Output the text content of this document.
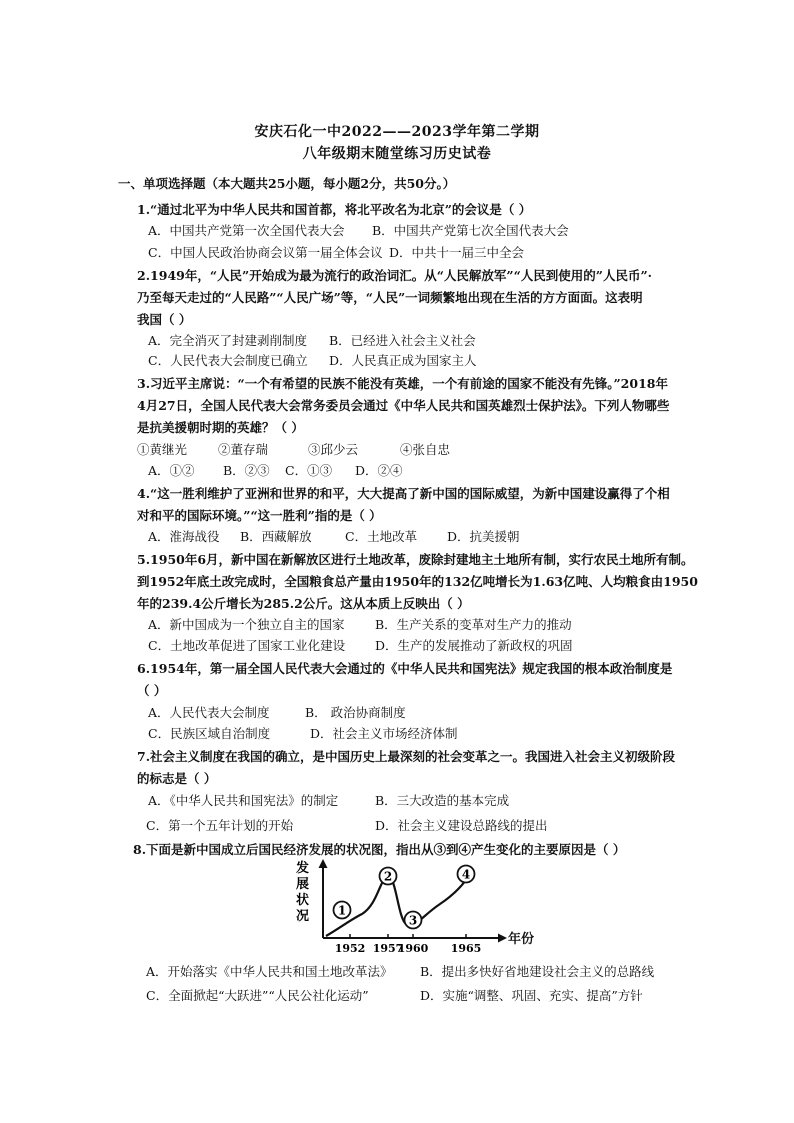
安庆石化一中2022——2023学年第二学期
八年级期末随堂练习历史试卷
一、单项选择题（本大题共25小题，每小题2分，共50分。）
1.“通过北平为中华人民共和国首都，将北平改名为北京”的会议是（ ）
A．中国共产党第一次全国代表大会 B．中国共产党第七次全国代表大会
C．中国人民政治协商会议第一届全体会议 D．中共十一届三中全会
2.1949年，“人民”开始成为最为流行的政治词汇。从“人民解放军”“人民到使用的”人民币”·
乃至每天走过的“人民路”“人民广场”等，“人民”一词频繁地出现在生活的方方面面。这表明
我国（ ）
A．完全消灭了封建剥削制度 B．已经进入社会主义社会
C．人民代表大会制度已确立 D．人民真正成为国家主人
3.习近平主席说：“一个有希望的民族不能没有英雄，一个有前途的国家不能没有先锋。”2018年
4月27日，全国人民代表大会常务委员会通过《中华人民共和国英雄烈士保护法》。下列人物哪些
是抗美援朝时期的英雄？（ ）
①黄继光 ②董存瑞	③邱少云	④张自忠
A．①② B．②③ C．①③ D．②④
4.“这一胜利维护了亚洲和世界的和平，大大提高了新中国的国际威望，为新中国建设赢得了个相
对和平的国际环境。”“这一胜利”指的是（ ）
A．淮海战役 B．西藏解放	C．土地改革 D．抗美援朝
5.1950年6月，新中国在新解放区进行土地改革，废除封建地主土地所有制，实行农民土地所有制。
到1952年底土改完成时，全国粮食总产量由1950年的132亿吨增长为1.63亿吨、人均粮食由1950
年的239.4公斤增长为285.2公斤。这从本质上反映出（ ）
A．新中国成为一个独立自主的国家 B．生产关系的变革对生产力的推动
C．土地改革促进了国家工业化建设 D．生产的发展推动了新政权的巩固
6.1954年，第一届全国人民代表大会通过的《中华人民共和国宪法》规定我国的根本政治制度是
（ ）
A．人民代表大会制度	B． 政治协商制度
C．民族区域自治制度	D．社会主义市场经济体制
7.社会主义制度在我国的确立，是中国历史上最深刻的社会变革之一。我国进入社会主义初级阶段
的标志是（ ）
A．《中华人民共和国宪法》的制定	B．三大改造的基本完成
C．第一个五年计划的开始	D．社会主义建设总路线的提出
8.下面是新中国成立后国民经济发展的状况图，指出从③到④产生变化的主要原因是（ ）
发
展
状
况
1952 1957
1960 1965
1
2
3
4
年份
A．开始落实《中华人民共和国土地改革法》 B．提出多快好省地建设社会主义的总路线
C．全面掀起“大跃进”“人民公社化运动”	D．实施“调整、巩固、充实、提高”方针
